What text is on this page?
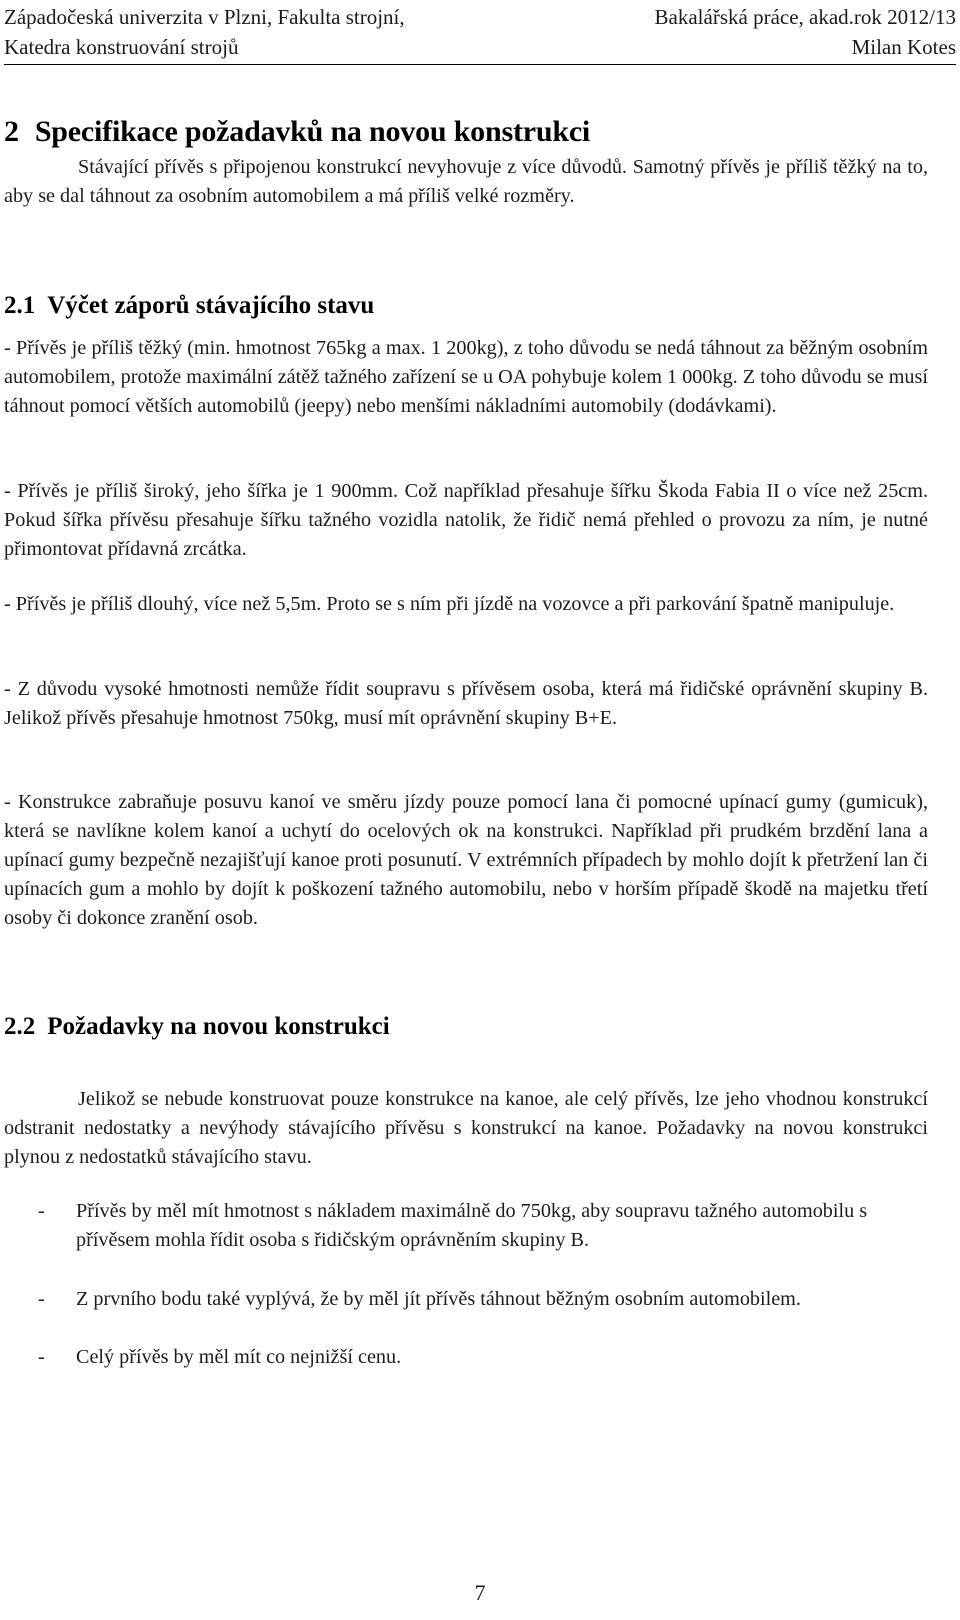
Západočeská univerzita v Plzni, Fakulta strojní,	Bakalářská práce, akad.rok 2012/13
Katedra konstruování strojů	Milan Kotes
2 Specifikace požadavků na novou konstrukci

Stávající přívěs s připojenou konstrukcí nevyhovuje z více důvodů. Samotný přívěs je příliš těžký na to, aby se dal táhnout za osobním automobilem a má příliš velké rozměry.

2.1 Výčet záporů stávajícího stavu

- Přívěs je příliš těžký (min. hmotnost 765kg a max. 1 200kg), z toho důvodu se nedá táhnout za běžným osobním automobilem, protože maximální zátěž tažného zařízení se u OA pohybuje kolem 1 000kg. Z toho důvodu se musí táhnout pomocí větších automobilů (jeepy) nebo menšími nákladními automobily (dodávkami).

- Přívěs je příliš široký, jeho šířka je 1 900mm. Což například přesahuje šířku Škoda Fabia II o více než 25cm. Pokud šířka přívěsu přesahuje šířku tažného vozidla natolik, že řidič nemá přehled o provozu za ním, je nutné přimontovat přídavná zrcátka.

- Přívěs je příliš dlouhý, více než 5,5m. Proto se s ním při jízdě na vozovce a při parkování špatně manipuluje.

- Z důvodu vysoké hmotnosti nemůže řídit soupravu s přívěsem osoba, která má řidičské oprávnění skupiny B. Jelikož přívěs přesahuje hmotnost 750kg, musí mít oprávnění skupiny B+E.

- Konstrukce zabraňuje posuvu kanoí ve směru jízdy pouze pomocí lana či pomocné upínací gumy (gumicuk), která se navlíkne kolem kanoí a uchytí do ocelových ok na konstrukci. Například při prudkém brzdění lana a upínací gumy bezpečně nezajišťují kanoe proti posunutí. V extrémních případech by mohlo dojít k přetržení lan či upínacích gum a mohlo by dojít k poškození tažného automobilu, nebo v horším případě škodě na majetku třetí osoby či dokonce zranění osob.

2.2 Požadavky na novou konstrukci

Jelikož se nebude konstruovat pouze konstrukce na kanoe, ale celý přívěs, lze jeho vhodnou konstrukcí odstranit nedostatky a nevýhody stávajícího přívěsu s konstrukcí na kanoe. Požadavky na novou konstrukci plynou z nedostatků stávajícího stavu.

- Přívěs by měl mít hmotnost s nákladem maximálně do 750kg, aby soupravu tažného automobilu s přívěsem mohla řídit osoba s řidičským oprávněním skupiny B.
- Z prvního bodu také vyplývá, že by měl jít přívěs táhnout běžným osobním automobilem.
- Celý přívěs by měl mít co nejnižší cenu.
7
